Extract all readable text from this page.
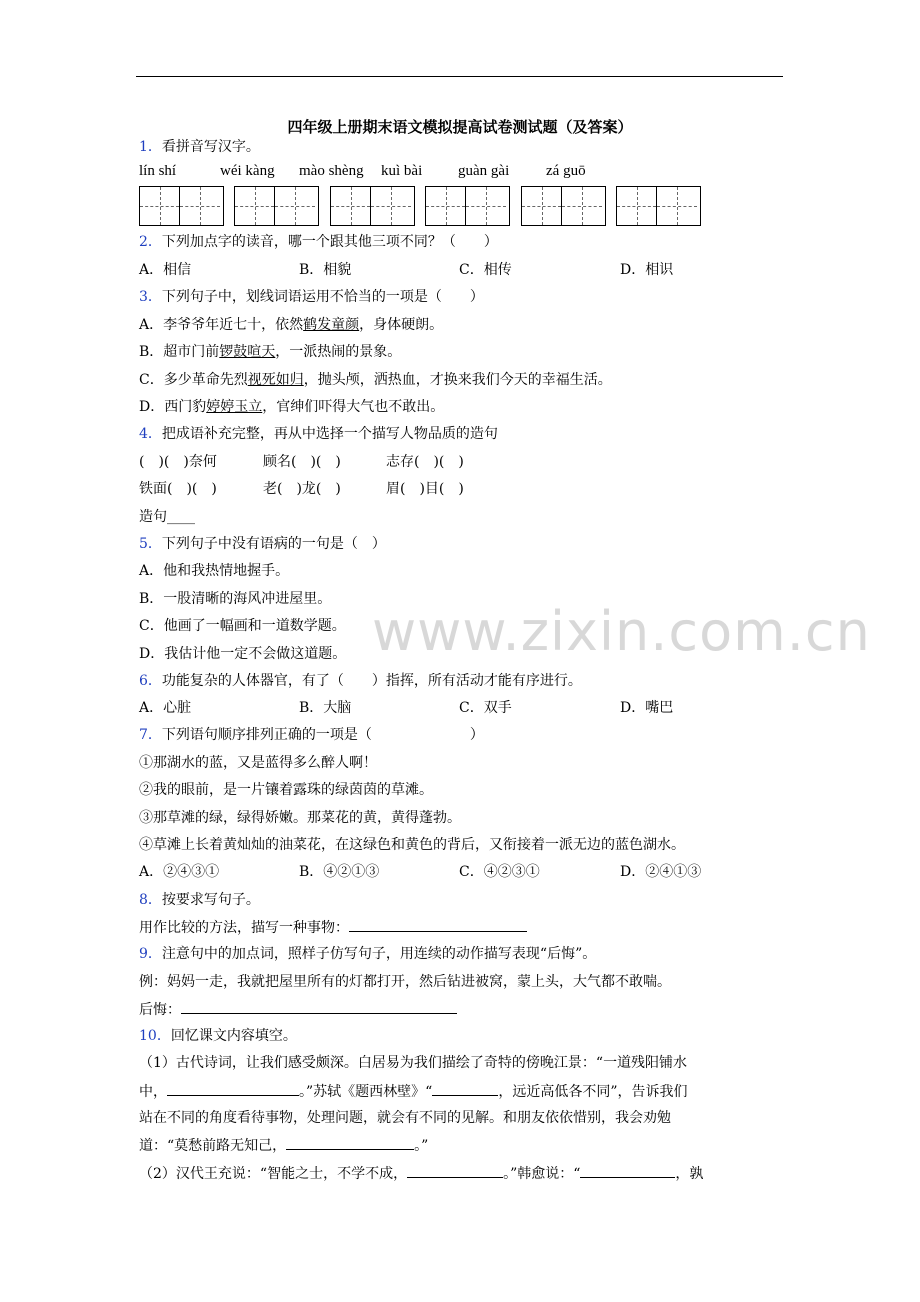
www.zixin.com.cn
四年级上册期末语文模拟提高试卷测试题（及答案）
1．看拼音写汉字。
lín shí	wéi kàng mào shèng kuì bài guàn gài zá guō
2．下列加点字的读音，哪一个跟其他三项不同？（　　）
A．相信	B．相貌	C．相传	D．相识
3．下列句子中，划线词语运用不恰当的一项是（　　）
A．李爷爷年近七十，依然鹤发童颜，身体硬朗。
B．超市门前锣鼓喧天，一派热闹的景象。
C．多少革命先烈视死如归，抛头颅，洒热血，才换来我们今天的幸福生活。
D．西门豹婷婷玉立，官绅们吓得大气也不敢出。
4．把成语补充完整，再从中选择一个描写人物品质的造句
(　)(　)奈何	顾名(　)(　)	志存(　)(　)
铁面(　)(　)	老(　)龙(　)	眉(　)目(　)
造句____
5．下列句子中没有语病的一句是（　）
A．他和我热情地握手。
B．一股清晰的海风冲进屋里。
C．他画了一幅画和一道数学题。
D．我估计他一定不会做这道题。
6．功能复杂的人体器官，有了（　　）指挥，所有活动才能有序进行。
A．心脏	B．大脑	C．双手	D．嘴巴
7．下列语句顺序排列正确的一项是（　　　　　　　）
①那湖水的蓝，又是蓝得多么醉人啊！
②我的眼前，是一片镶着露珠的绿茵茵的草滩。
③那草滩的绿，绿得娇嫩。那菜花的黄，黄得蓬勃。
④草滩上长着黄灿灿的油菜花，在这绿色和黄色的背后，又衔接着一派无边的蓝色湖水。
A．②④③①	B．④②①③	C．④②③①	D．②④①③
8．按要求写句子。
用作比较的方法，描写一种事物：
9．注意句中的加点词，照样子仿写句子，用连续的动作描写表现“后悔”。
例：妈妈一走，我就把屋里所有的灯都打开，然后钻进被窝，蒙上头，大气都不敢喘。
后悔：
10．回忆课文内容填空。
（1）古代诗词，让我们感受颇深。白居易为我们描绘了奇特的傍晚江景：“一道残阳铺水
中，	。”苏轼《题西林壁》“	，远近高低各不同”，告诉我们
站在不同的角度看待事物，处理问题，就会有不同的见解。和朋友依依惜别，我会劝勉
道：“莫愁前路无知己，	。”
（2）汉代王充说：“智能之士，不学不成，	。”韩愈说：“	，孰
